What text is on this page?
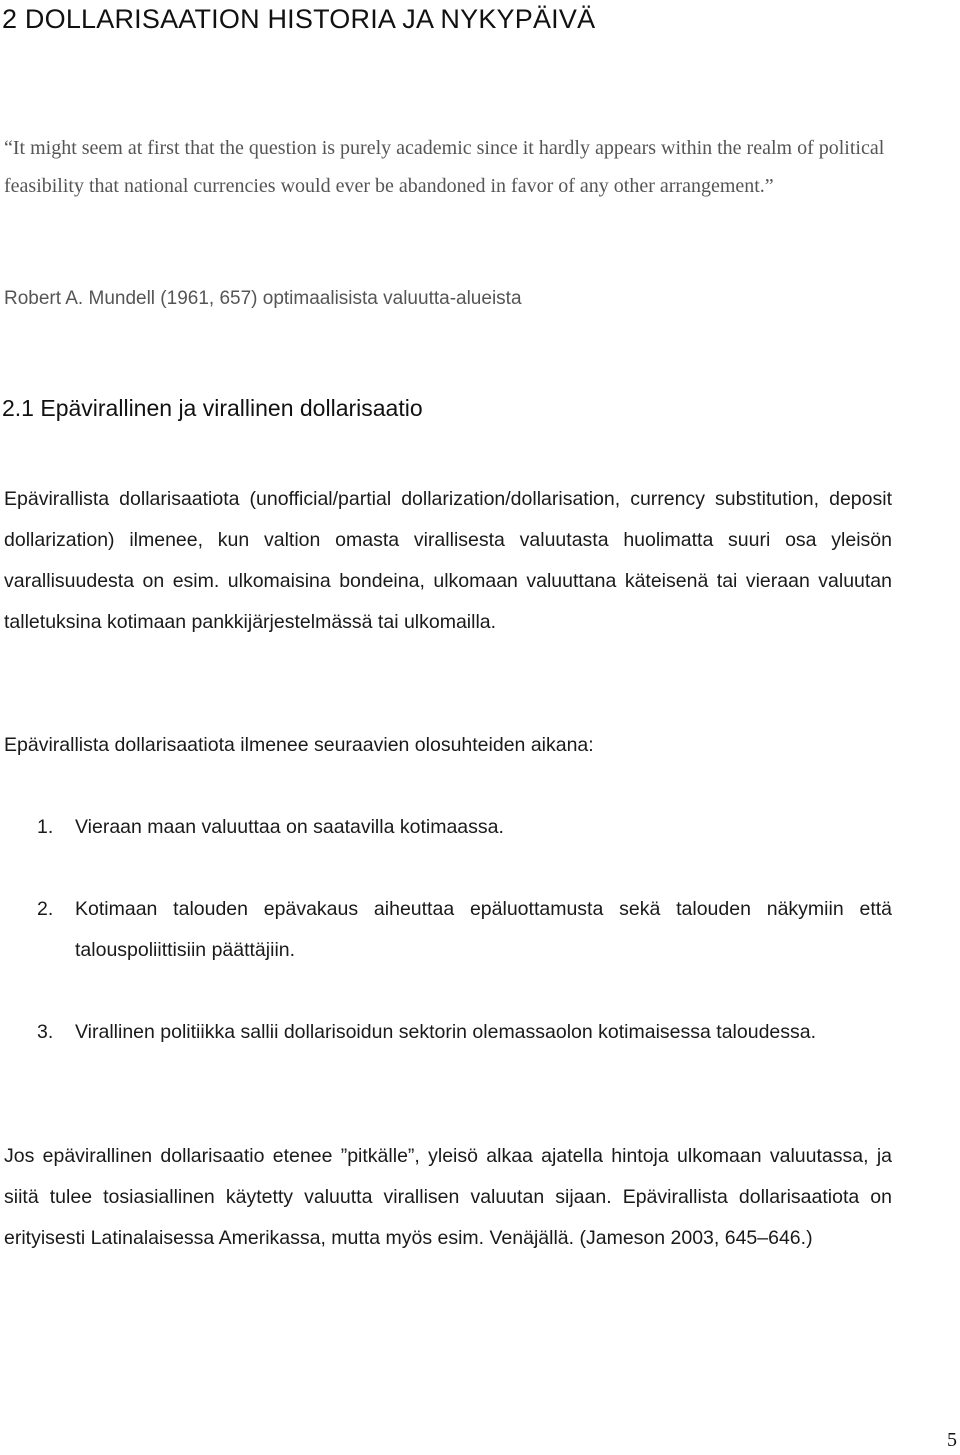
2 DOLLARISAATION HISTORIA JA NYKYPÄIVÄ

“It might seem at first that the question is purely academic since it hardly appears within the realm of political feasibility that national currencies would ever be abandoned in favor of any other arrangement.”

Robert A. Mundell (1961, 657) optimaalisista valuutta-alueista

2.1 Epävirallinen ja virallinen dollarisaatio

Epävirallista dollarisaatiota (unofficial/partial dollarization/dollarisation, currency substitution, deposit dollarization) ilmenee, kun valtion omasta virallisesta valuutasta huolimatta suuri osa yleisön varallisuudesta on esim. ulkomaisina bondeina, ulkomaan valuuttana käteisenä tai vieraan valuutan talletuksina kotimaan pankkijärjestelmässä tai ulkomailla.

Epävirallista dollarisaatiota ilmenee seuraavien olosuhteiden aikana:

1.	Vieraan maan valuuttaa on saatavilla kotimaassa.
2.	Kotimaan talouden epävakaus aiheuttaa epäluottamusta sekä talouden näkymiin että talouspoliittisiin päättäjiin.
3.	Virallinen politiikka sallii dollarisoidun sektorin olemassaolon kotimaisessa taloudessa.

Jos epävirallinen dollarisaatio etenee ”pitkälle”, yleisö alkaa ajatella hintoja ulkomaan valuutassa, ja siitä tulee tosiasiallinen käytetty valuutta virallisen valuutan sijaan. Epävirallista dollarisaatiota on erityisesti Latinalaisessa Amerikassa, mutta myös esim. Venäjällä. (Jameson 2003, 645–646.)

5
